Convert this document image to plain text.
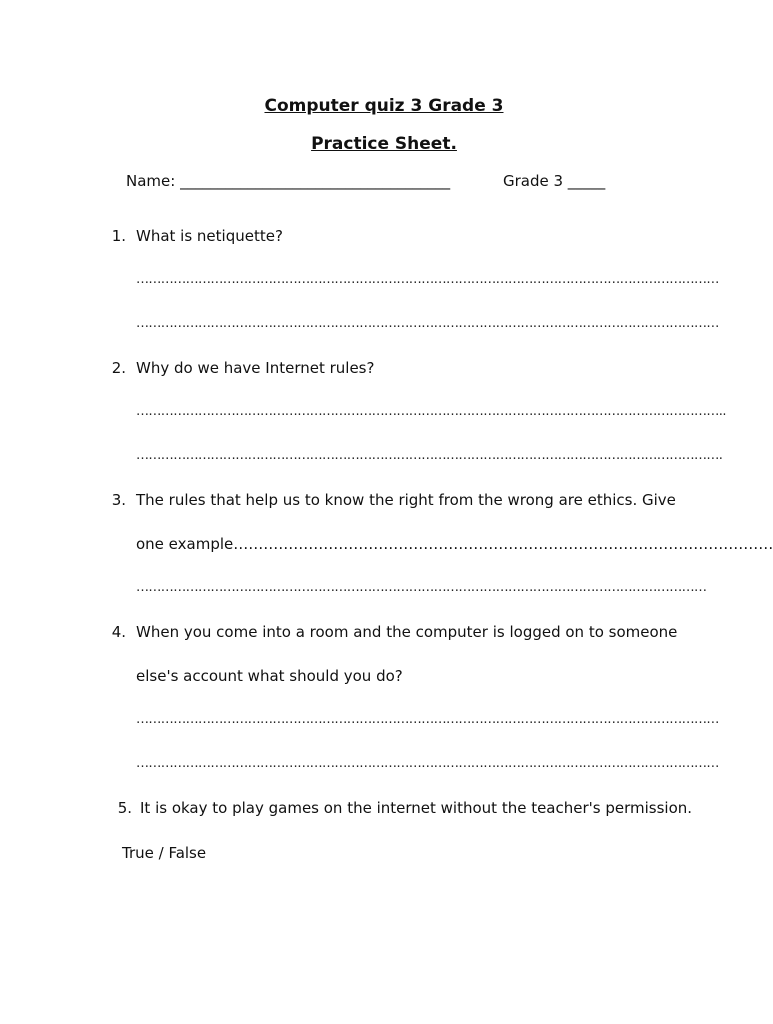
Computer quiz 3 Grade 3
Practice Sheet.
Name: ____________________________________	Grade 3 _____
1. What is netiquette?
……………………………………………………………………………………………………………………………
……………………………………………………………………………………………………………………………
2. Why do we have Internet rules?
……………………………………………………………………………………………………………………………..
…………………………………………………………………………………………………………………………….
3. The rules that help us to know the right from the wrong are ethics. Give
one example………………………………………………………………………………………………
…………………………………………………………………………………………………………………………
4. When you come into a room and the computer is logged on to someone
else's account what should you do?
……………………………………………………………………………………………………………………………
……………………………………………………………………………………………………………………………
5. It is okay to play games on the internet without the teacher's permission.
True / False
